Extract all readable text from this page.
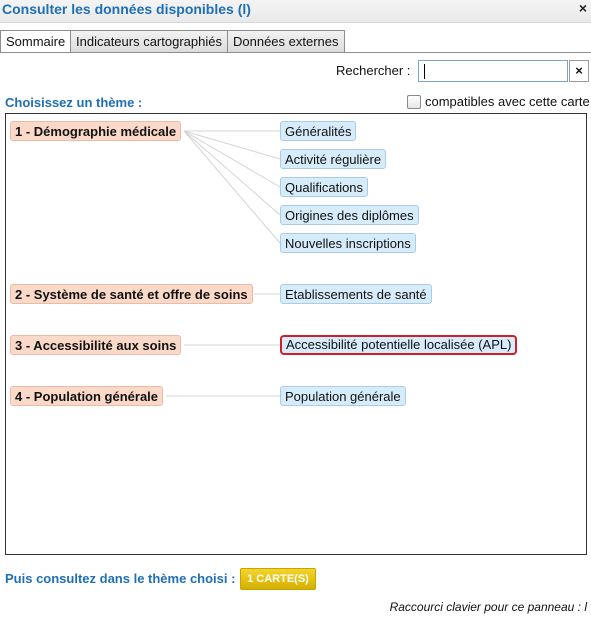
Consulter les données disponibles (l)	×
Sommaire Indicateurs cartographiés Données externes
Rechercher :	×
Choisissez un thème :	compatibles avec cette carte
1 - Démographie médicale	Généralités
Activité régulière
Qualifications
Origines des diplômes
Nouvelles inscriptions
2 - Système de santé et offre de soins	Etablissements de santé
3 - Accessibilité aux soins	Accessibilité potentielle localisée (APL)
4 - Population générale	Population générale
Puis consultez dans le thème choisi :	1 CARTE(S)
Raccourci clavier pour ce panneau : l
